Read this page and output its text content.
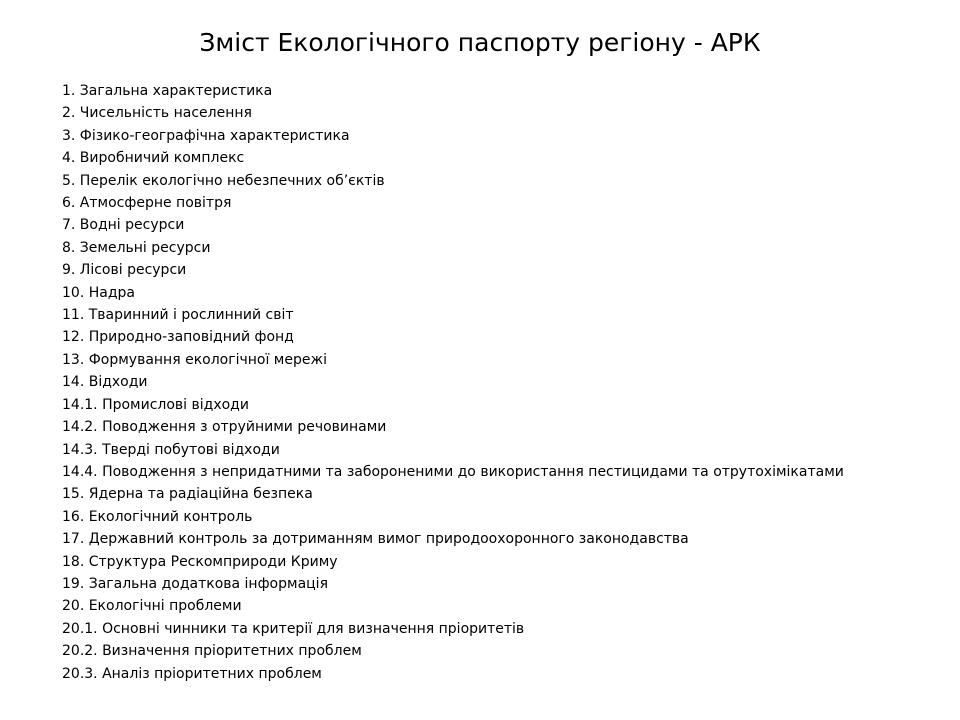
Зміст Екологічного паспорту регіону - АРК
1. Загальна характеристика
2. Чисельність населення
3. Фізико-географічна характеристика
4. Виробничий комплекс
5. Перелік екологічно небезпечних об’єктів
6. Атмосферне повітря
7. Водні ресурси
8. Земельні ресурси
9. Лісові ресурси
10. Надра
11. Тваринний і рослинний світ
12. Природно-заповідний фонд
13. Формування екологічної мережі
14. Відходи
14.1. Промислові відходи
14.2. Поводження з отруйними речовинами
14.3. Тверді побутові відходи
14.4. Поводження з непридатними та забороненими до використання пестицидами та отрутохімікатами
15. Ядерна та радіаційна безпека
16. Екологічний контроль
17. Державний контроль за дотриманням вимог природоохоронного законодавства
18. Структура Рескомприроди Криму
19. Загальна додаткова інформація
20. Екологічні проблеми
20.1. Основні чинники та критерії для визначення пріоритетів
20.2. Визначення пріоритетних проблем
20.3. Аналіз пріоритетних проблем
